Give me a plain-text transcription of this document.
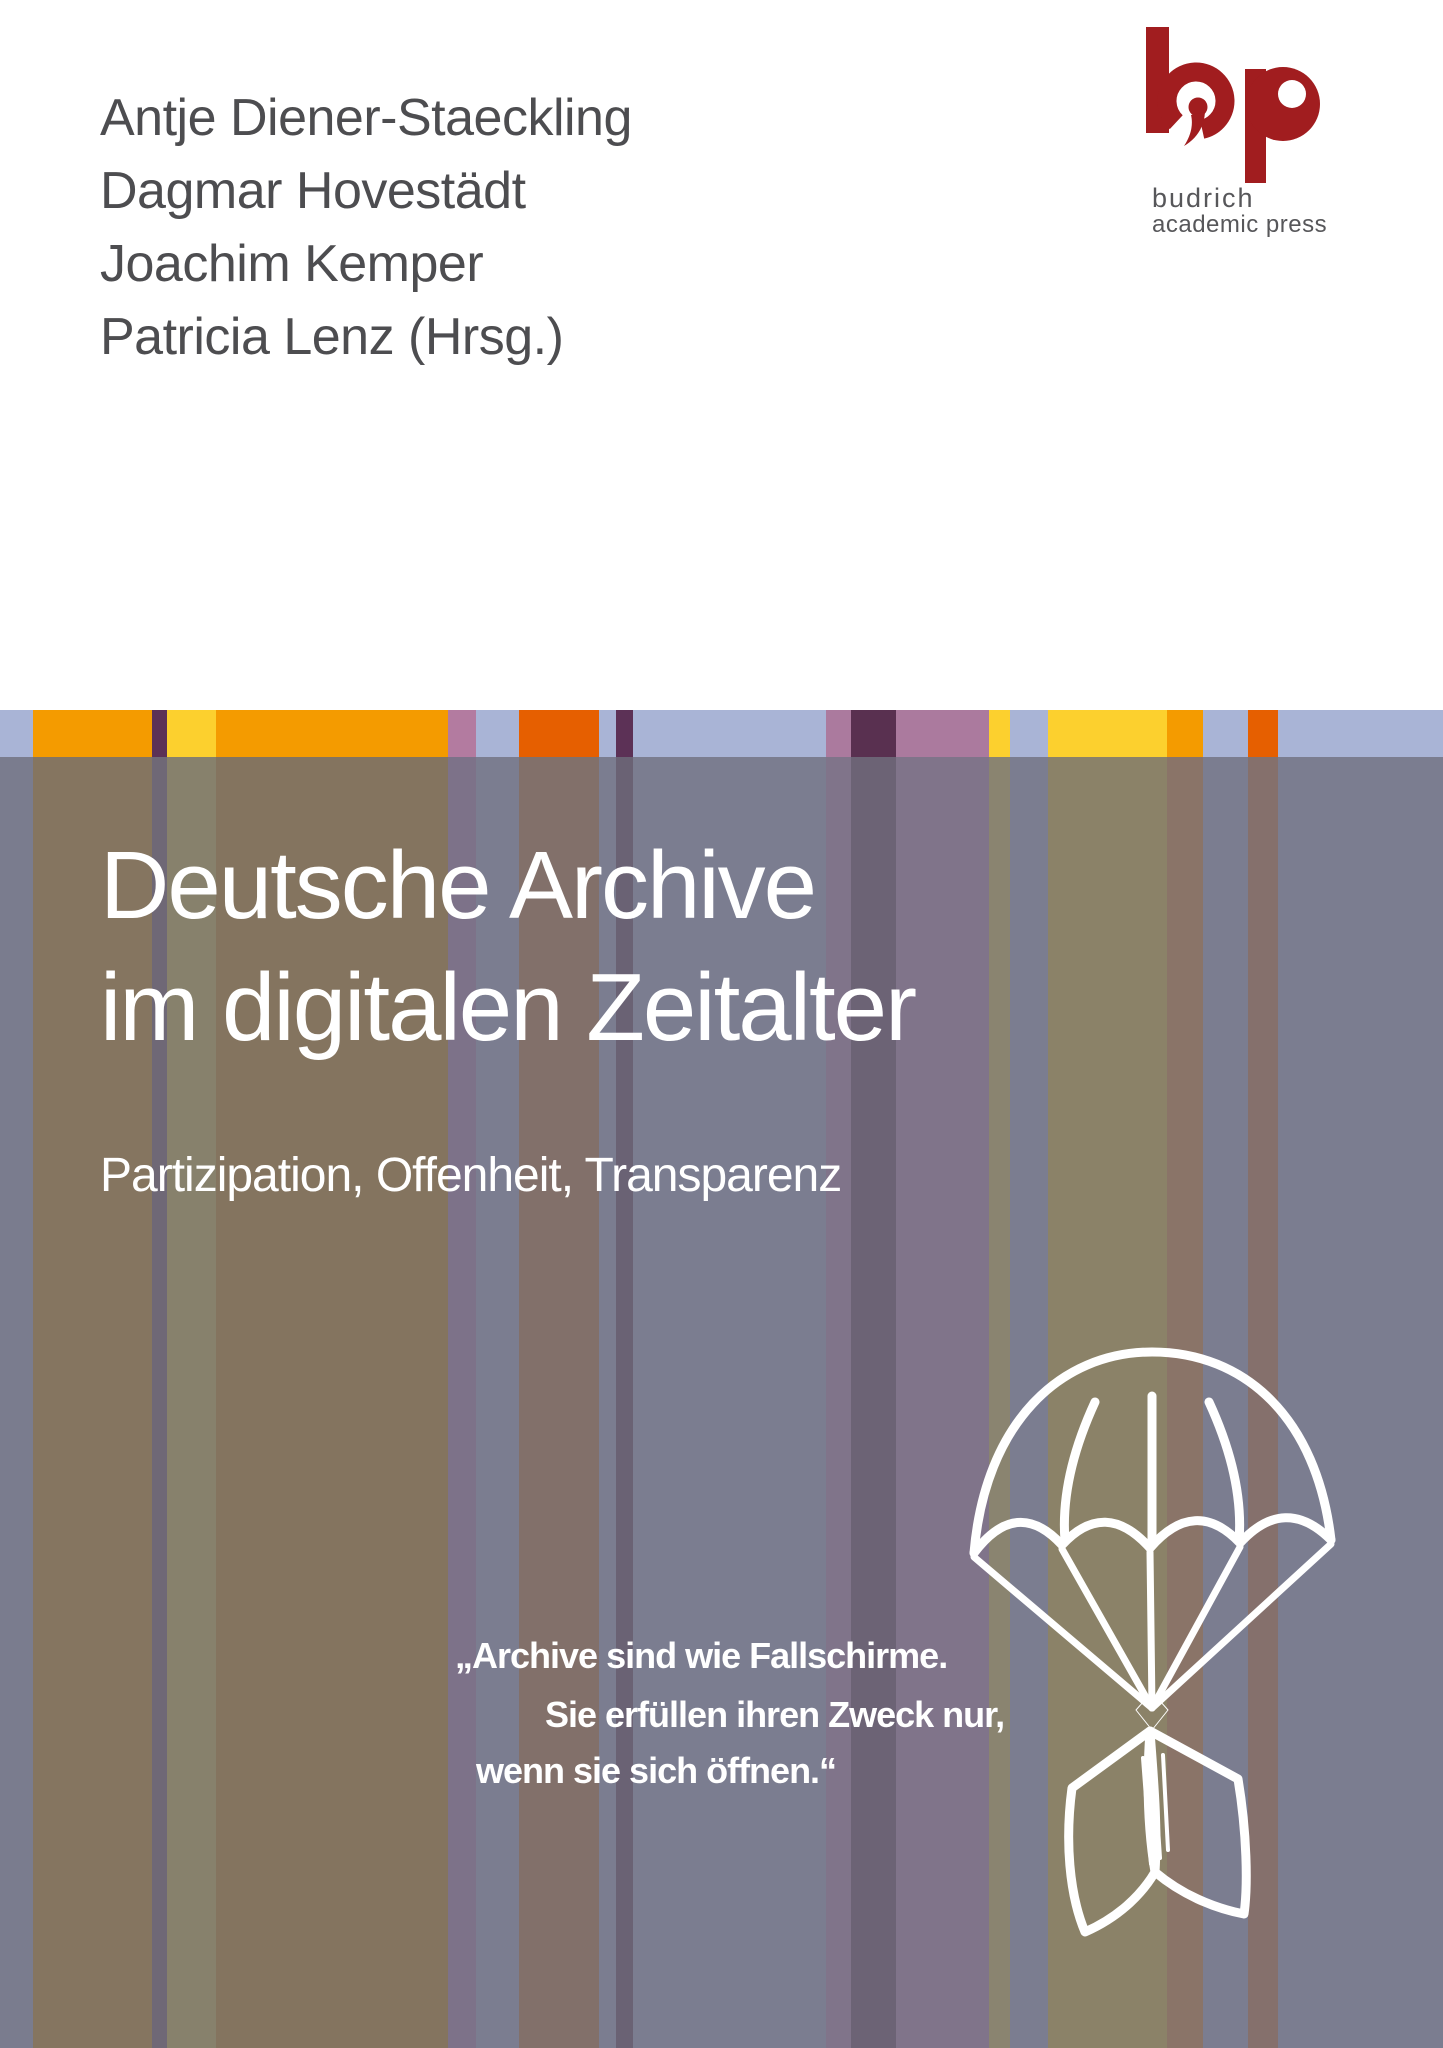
Antje Diener-Staeckling
Dagmar Hovestädt
Joachim Kemper
Patricia Lenz (Hrsg.)
budrich
academic press
Deutsche Archive
im digitalen Zeitalter
Partizipation, Offenheit, Transparenz
„Archive sind wie Fallschirme.
Sie erfüllen ihren Zweck nur,
wenn sie sich öffnen.“
